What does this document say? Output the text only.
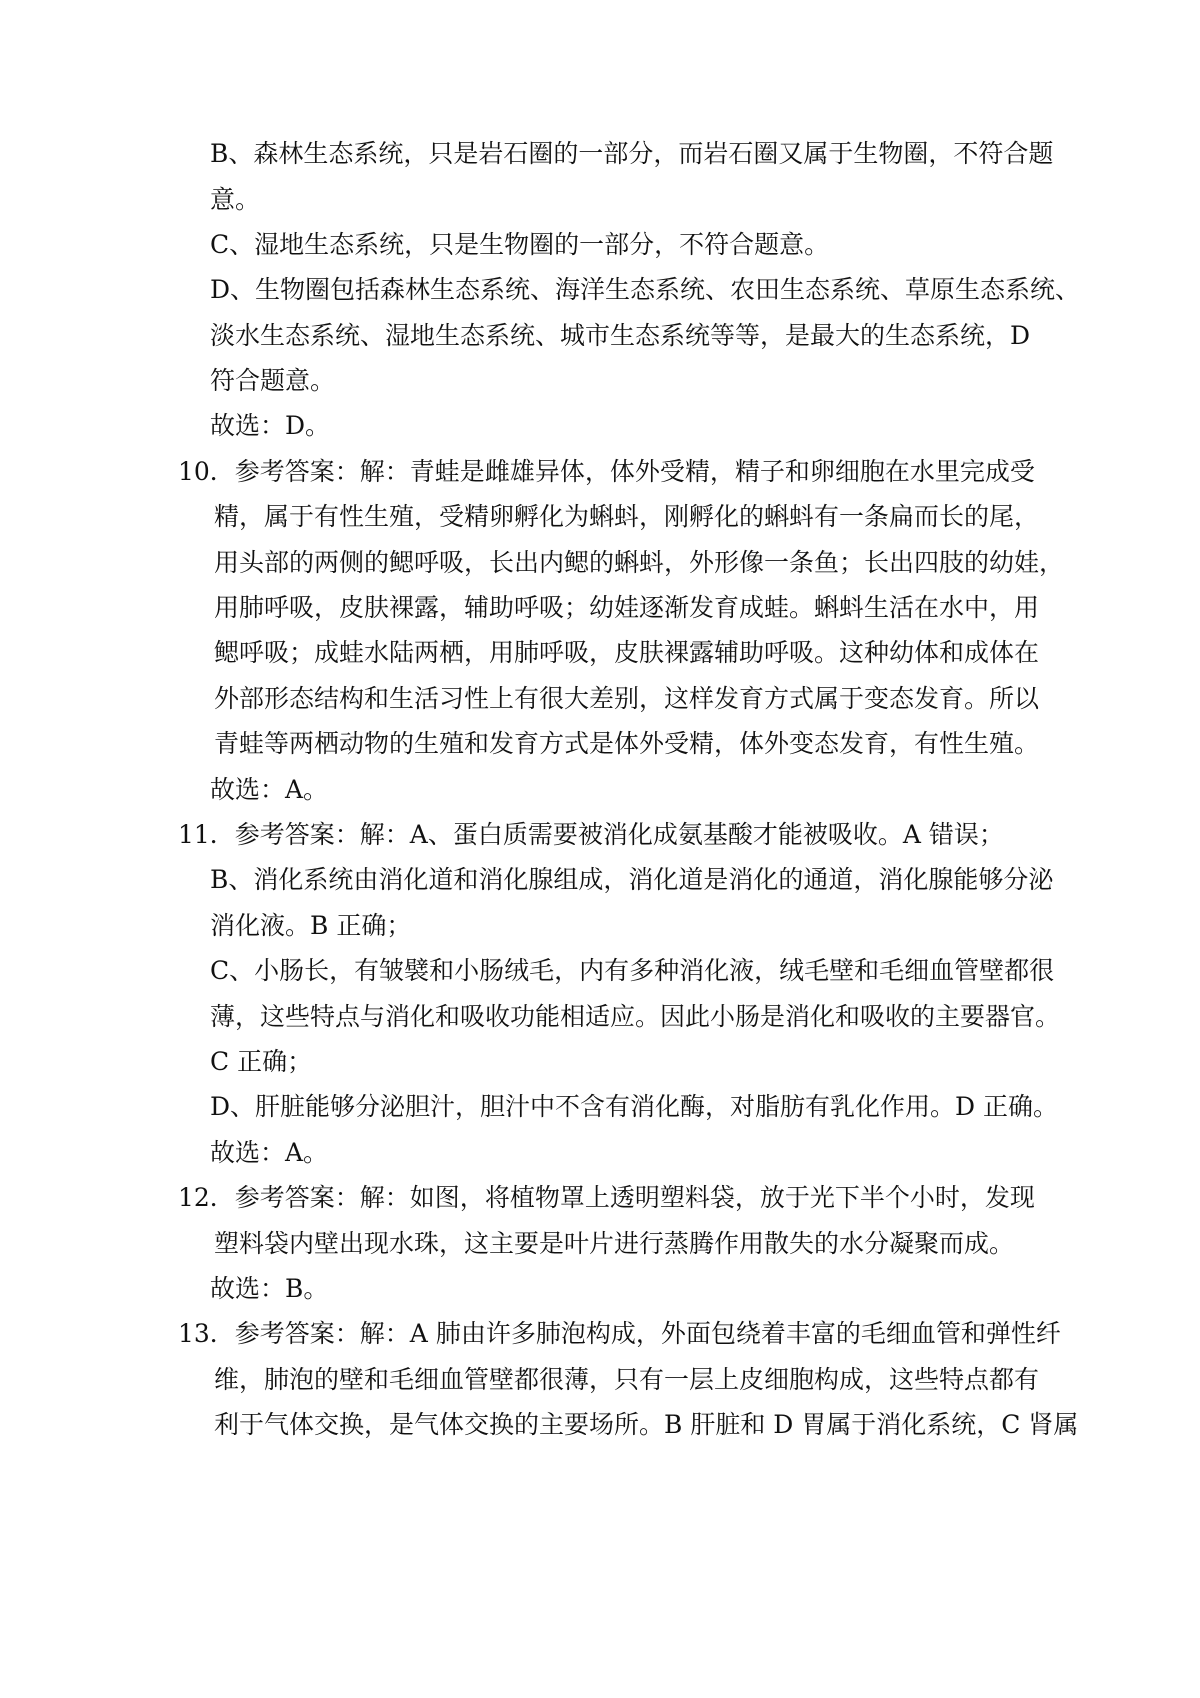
B、森林生态系统，只是岩石圈的一部分，而岩石圈又属于生物圈，不符合题
意。
C、湿地生态系统，只是生物圈的一部分，不符合题意。
D、生物圈包括森林生态系统、海洋生态系统、农田生态系统、草原生态系统、
淡水生态系统、湿地生态系统、城市生态系统等等，是最大的生态系统，D
符合题意。
故选：D。
10．参考答案：解：青蛙是雌雄异体，体外受精，精子和卵细胞在水里完成受
精，属于有性生殖，受精卵孵化为蝌蚪，刚孵化的蝌蚪有一条扁而长的尾，
用头部的两侧的鳃呼吸，长出内鳃的蝌蚪，外形像一条鱼；长出四肢的幼娃，
用肺呼吸，皮肤裸露，辅助呼吸；幼娃逐渐发育成蛙。蝌蚪生活在水中，用
鳃呼吸；成蛙水陆两栖，用肺呼吸，皮肤裸露辅助呼吸。这种幼体和成体在
外部形态结构和生活习性上有很大差别，这样发育方式属于变态发育。所以
青蛙等两栖动物的生殖和发育方式是体外受精，体外变态发育，有性生殖。
故选：A。
11．参考答案：解：A、蛋白质需要被消化成氨基酸才能被吸收。A 错误；
B、消化系统由消化道和消化腺组成，消化道是消化的通道，消化腺能够分泌
消化液。B 正确；
C、小肠长，有皱襞和小肠绒毛，内有多种消化液，绒毛壁和毛细血管壁都很
薄，这些特点与消化和吸收功能相适应。因此小肠是消化和吸收的主要器官。
C 正确；
D、肝脏能够分泌胆汁，胆汁中不含有消化酶，对脂肪有乳化作用。D 正确。
故选：A。
12．参考答案：解：如图，将植物罩上透明塑料袋，放于光下半个小时，发现
塑料袋内壁出现水珠，这主要是叶片进行蒸腾作用散失的水分凝聚而成。
故选：B。
13．参考答案：解：A 肺由许多肺泡构成，外面包绕着丰富的毛细血管和弹性纤
维，肺泡的壁和毛细血管壁都很薄，只有一层上皮细胞构成，这些特点都有
利于气体交换，是气体交换的主要场所。B 肝脏和 D 胃属于消化系统，C 肾属
